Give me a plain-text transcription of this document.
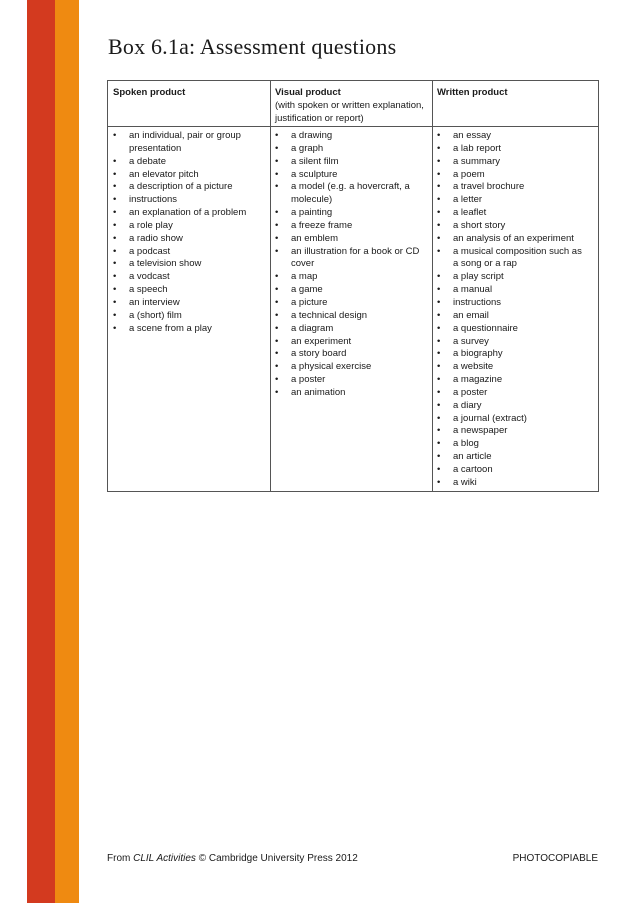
Box 6.1a: Assessment questions
Spoken product	Visual product
(with spoken or written explanation, justification or report)
Written product
• an individual, pair or group presentation
• a debate
• an elevator pitch
• a description of a picture
• instructions
• an explanation of a problem
• a role play
• a radio show
• a podcast
• a television show
• a vodcast
• a speech
• an interview
• a (short) film
• a scene from a play
• a drawing
• a graph
• a silent film
• a sculpture
• a model (e.g. a hovercraft, a molecule)
• a painting
• a freeze frame
• an emblem
• an illustration for a book or CD cover
• a map
• a game
• a picture
• a technical design
• a diagram
• an experiment
• a story board
• a physical exercise
• a poster
• an animation
• an essay
• a lab report
• a summary
• a poem
• a travel brochure
• a letter
• a leaflet
• a short story
• an analysis of an experiment
• a musical composition such as a song or a rap
• a play script
• a manual
• instructions
• an email
• a questionnaire
• a survey
• a biography
• a website
• a magazine
• a poster
• a diary
• a journal (extract)
• a newspaper
• a blog
• an article
• a cartoon
• a wiki
From CLIL Activities © Cambridge University Press 2012	PHOTOCOPIABLE
